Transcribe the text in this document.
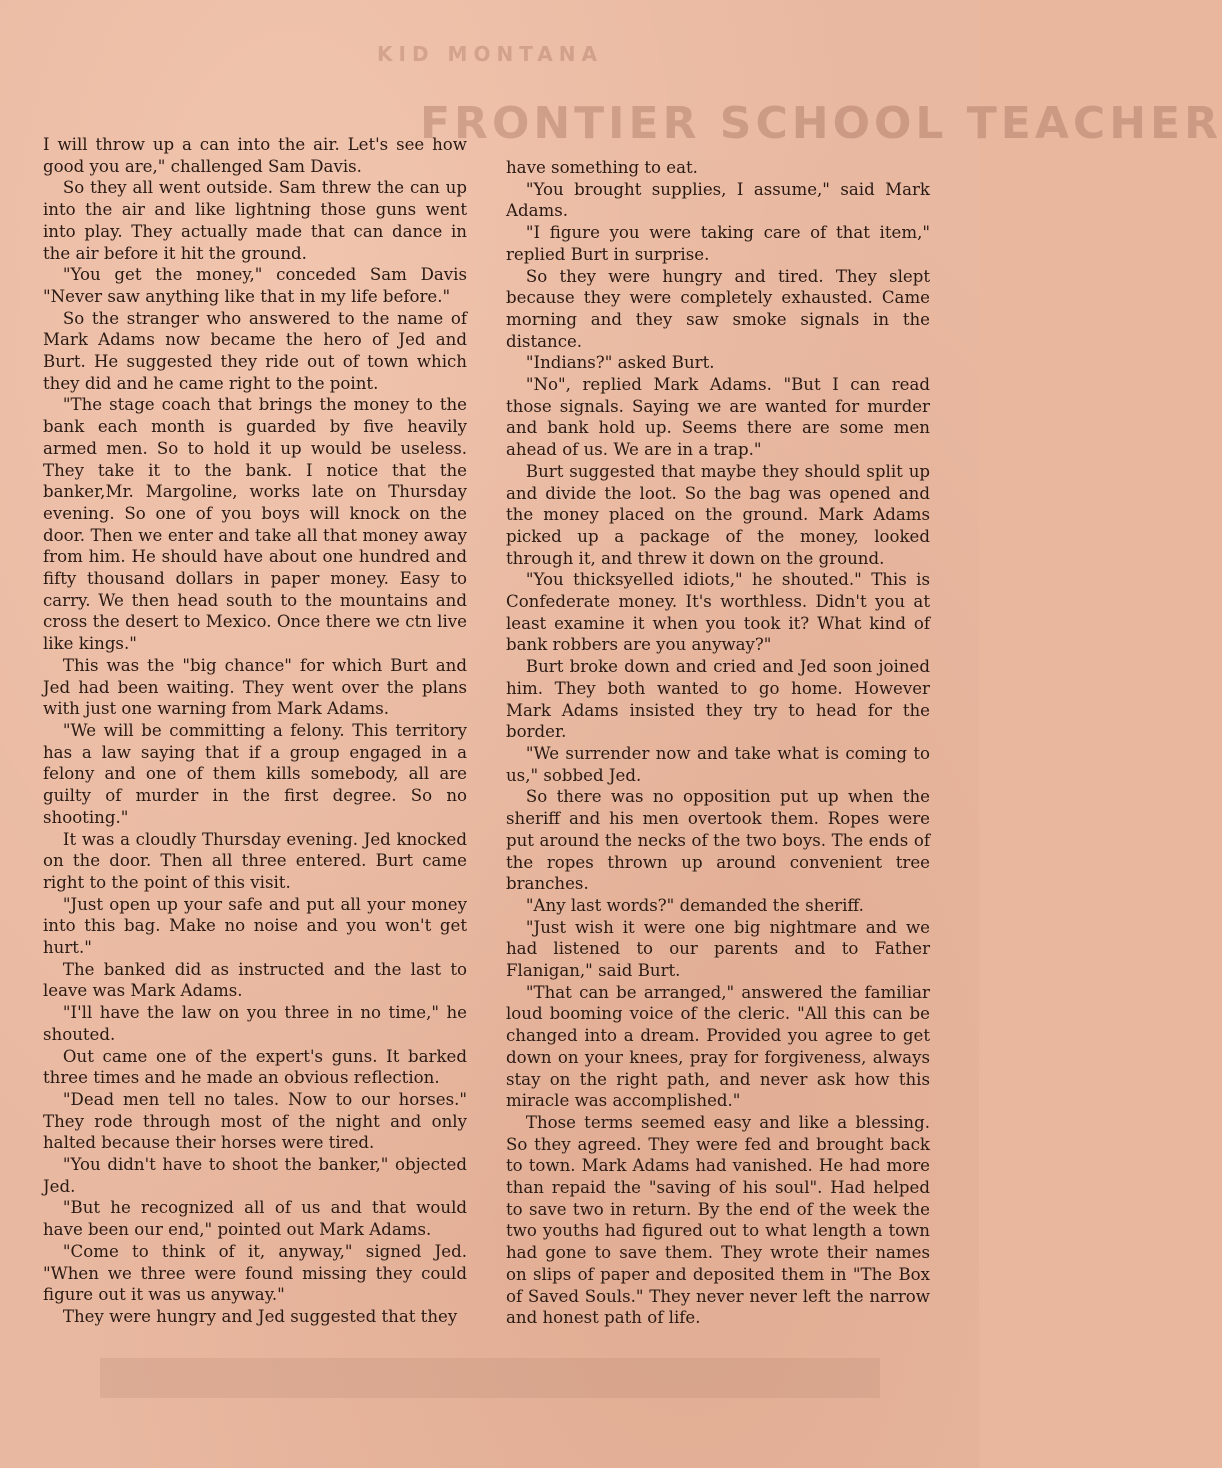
KID MONTANA
FRONTIER SCHOOL TEACHER

I will throw up a can into the air. Let's see how good you are," challenged Sam Davis.

So they all went outside. Sam threw the can up into the air and like lightning those guns went into play. They actually made that can dance in the air before it hit the ground.

"You get the money," conceded Sam Davis "Never saw anything like that in my life before."

So the stranger who answered to the name of Mark Adams now became the hero of Jed and Burt. He suggested they ride out of town which they did and he came right to the point.

"The stage coach that brings the money to the bank each month is guarded by five heavily armed men. So to hold it up would be useless. They take it to the bank. I notice that the banker,Mr. Margoline, works late on Thursday evening. So one of you boys will knock on the door. Then we enter and take all that money away from him. He should have about one hundred and fifty thousand dollars in paper money. Easy to carry. We then head south to the mountains and cross the desert to Mexico. Once there we ctn live like kings."

This was the "big chance" for which Burt and Jed had been waiting. They went over the plans with just one warning from Mark Adams.

"We will be committing a felony. This territory has a law saying that if a group engaged in a felony and one of them kills somebody, all are guilty of murder in the first degree. So no shooting."

It was a cloudly Thursday evening. Jed knocked on the door. Then all three entered. Burt came right to the point of this visit.

"Just open up your safe and put all your money into this bag. Make no noise and you won't get hurt."

The banked did as instructed and the last to leave was Mark Adams.

"I'll have the law on you three in no time," he shouted.

Out came one of the expert's guns. It barked three times and he made an obvious reflection.

"Dead men tell no tales. Now to our horses." They rode through most of the night and only halted because their horses were tired.

"You didn't have to shoot the banker," objected Jed.

"But he recognized all of us and that would have been our end," pointed out Mark Adams.

"Come to think of it, anyway," signed Jed. "When we three were found missing they could figure out it was us anyway."

They were hungry and Jed suggested that they

have something to eat.

"You brought supplies, I assume," said Mark Adams.

"I figure you were taking care of that item," replied Burt in surprise.

So they were hungry and tired. They slept because they were completely exhausted. Came morning and they saw smoke signals in the distance.

"Indians?" asked Burt.

"No", replied Mark Adams. "But I can read those signals. Saying we are wanted for murder and bank hold up. Seems there are some men ahead of us. We are in a trap."

Burt suggested that maybe they should split up and divide the loot. So the bag was opened and the money placed on the ground. Mark Adams picked up a package of the money, looked through it, and threw it down on the ground.

"You thicksyelled idiots," he shouted." This is Confederate money. It's worthless. Didn't you at least examine it when you took it? What kind of bank robbers are you anyway?"

Burt broke down and cried and Jed soon joined him. They both wanted to go home. However Mark Adams insisted they try to head for the border.

"We surrender now and take what is coming to us," sobbed Jed.

So there was no opposition put up when the sheriff and his men overtook them. Ropes were put around the necks of the two boys. The ends of the ropes thrown up around convenient tree branches.

"Any last words?" demanded the sheriff.

"Just wish it were one big nightmare and we had listened to our parents and to Father Flanigan," said Burt.

"That can be arranged," answered the familiar loud booming voice of the cleric. "All this can be changed into a dream. Provided you agree to get down on your knees, pray for forgiveness, always stay on the right path, and never ask how this miracle was accomplished."

Those terms seemed easy and like a blessing. So they agreed. They were fed and brought back to town. Mark Adams had vanished. He had more than repaid the "saving of his soul". Had helped to save two in return. By the end of the week the two youths had figured out to what length a town had gone to save them. They wrote their names on slips of paper and deposited them in "The Box of Saved Souls." They never never left the narrow and honest path of life.
